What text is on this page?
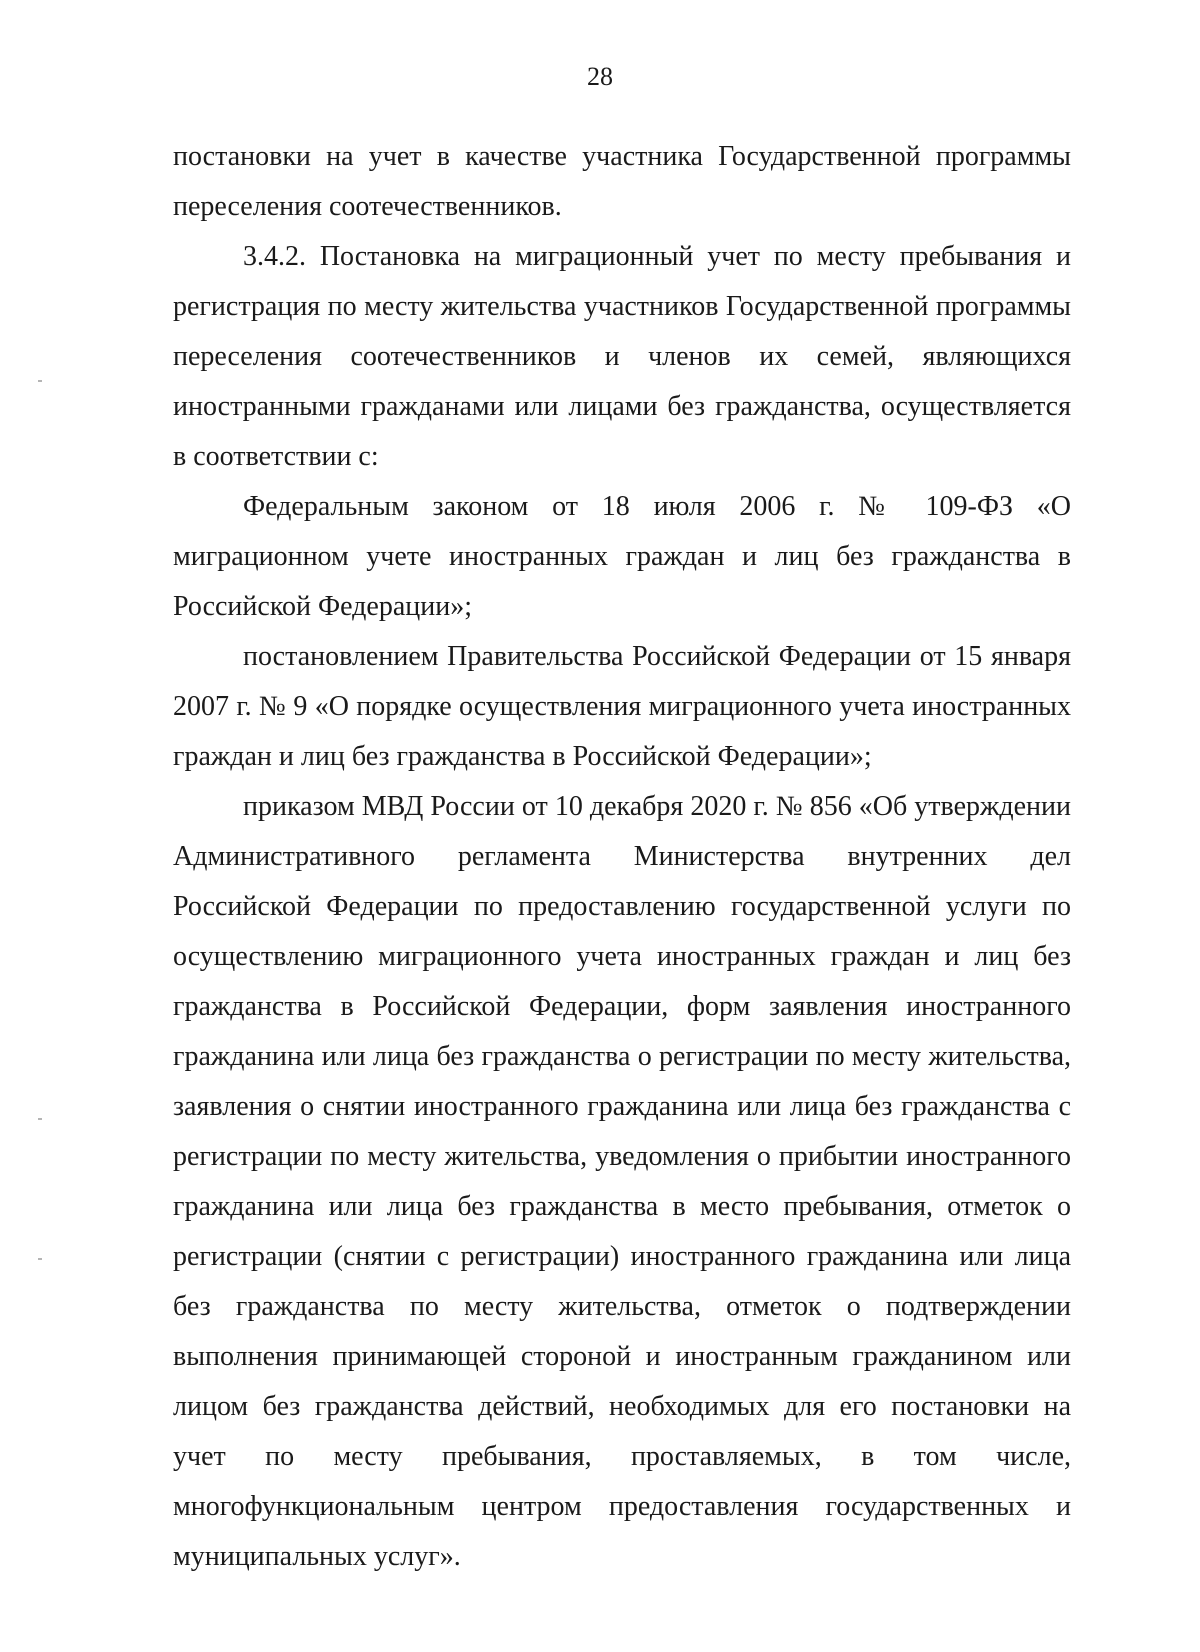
28

постановки на учет в качестве участника Государственной программы переселения соотечественников.

3.4.2. Постановка на миграционный учет по месту пребывания и регистрация по месту жительства участников Государственной программы переселения соотечественников и членов их семей, являющихся иностранными гражданами или лицами без гражданства, осуществляется в соответствии с:

Федеральным законом от 18 июля 2006 г. № 109-ФЗ «О миграционном учете иностранных граждан и лиц без гражданства в Российской Федерации»;

постановлением Правительства Российской Федерации от 15 января 2007 г. № 9 «О порядке осуществления миграционного учета иностранных граждан и лиц без гражданства в Российской Федерации»;

приказом МВД России от 10 декабря 2020 г. № 856 «Об утверждении Административного регламента Министерства внутренних дел Российской Федерации по предоставлению государственной услуги по осуществлению миграционного учета иностранных граждан и лиц без гражданства в Российской Федерации, форм заявления иностранного гражданина или лица без гражданства о регистрации по месту жительства, заявления о снятии иностранного гражданина или лица без гражданства с регистрации по месту жительства, уведомления о прибытии иностранного гражданина или лица без гражданства в место пребывания, отметок о регистрации (снятии с регистрации) иностранного гражданина или лица без гражданства по месту жительства, отметок о подтверждении выполнения принимающей стороной и иностранным гражданином или лицом без гражданства действий, необходимых для его постановки на учет по месту пребывания, проставляемых, в том числе, многофункциональным центром предоставления государственных и муниципальных услуг».
